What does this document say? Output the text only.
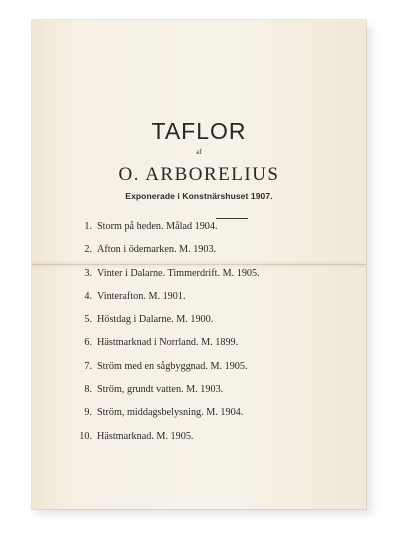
TAFLOR
af
O. ARBORELIUS
Exponerade i Konstnärshuset 1907.
1. Storm på heden. Målad 1904.
2. Afton i ödemarken. M. 1903.
3. Vinter i Dalarne. Timmerdrift. M. 1905.
4. Vinterafton. M. 1901.
5. Höstdag i Dalarne. M. 1900.
6. Hästmarknad i Norrland. M. 1899.
7. Ström med en sågbyggnad. M. 1905.
8. Ström, grundt vatten. M. 1903.
9. Ström, middagsbelysning. M. 1904.
10. Hästmarknad. M. 1905.
